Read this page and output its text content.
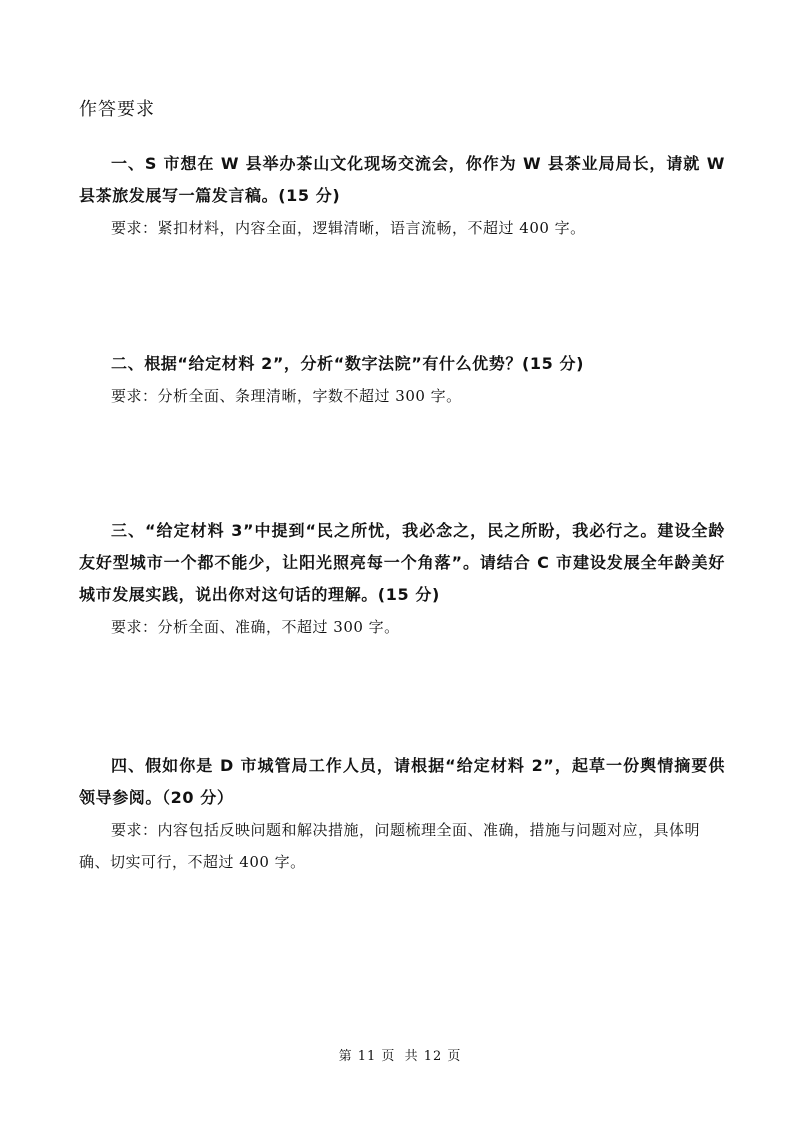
作答要求

一、S 市想在 W 县举办茶山文化现场交流会，你作为 W 县茶业局局长，请就 W 县茶旅发展写一篇发言稿。(15 分)

要求：紧扣材料，内容全面，逻辑清晰，语言流畅，不超过 400 字。

二、根据“给定材料 2”，分析“数字法院”有什么优势？(15 分)

要求：分析全面、条理清晰，字数不超过 300 字。

三、“给定材料 3”中提到“民之所忧，我必念之，民之所盼，我必行之。建设全龄友好型城市一个都不能少，让阳光照亮每一个角落”。请结合 C 市建设发展全年龄美好城市发展实践，说出你对这句话的理解。(15 分)

要求：分析全面、准确，不超过 300 字。

四、假如你是 D 市城管局工作人员，请根据“给定材料 2”，起草一份舆情摘要供领导参阅。（20 分）

要求：内容包括反映问题和解决措施，问题梳理全面、准确，措施与问题对应，具体明确、切实可行，不超过 400 字。

第 11 页 共 12 页
